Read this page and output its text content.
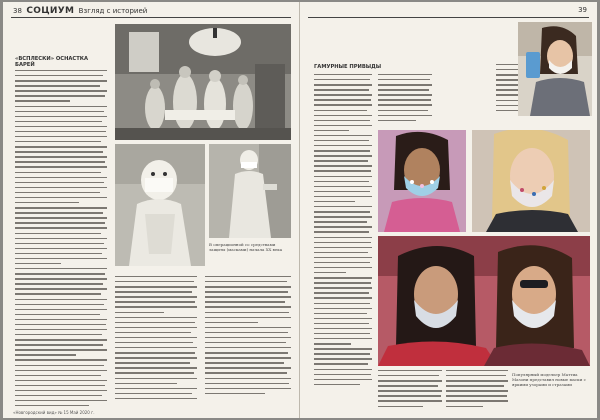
38 СОЦИУМ Взгляд с историей
«ВСПЛЕСКИ» ОСНАСТКА БАРЕЙ
В операционной со средствами защиты (масками) начала XX века
«Новгородский вид» № 15 Май 2020 г.
39
ГАМУРНЫЕ ПРИВЫДЫ
Популярный модельер Маттиа Мазони представил новые маски с яркими узорами и стразами
